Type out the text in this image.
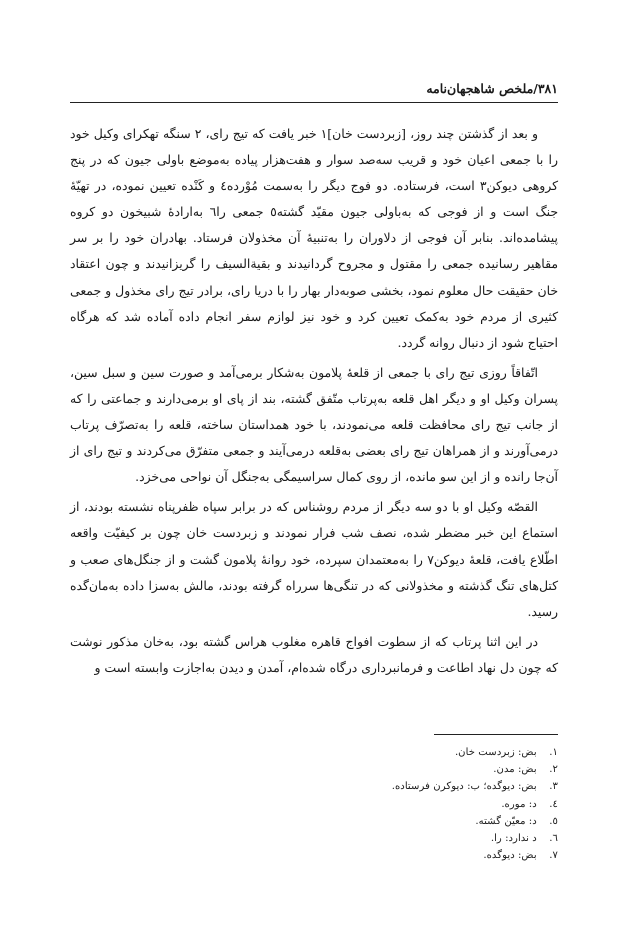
۳۸۱/ملخص شاهجهان‌نامه

و بعد از گذشتن چند روز، [زبردست خان]١ خبر یافت که تیج رای، ٢ سنگه تهکرای وکیل خود را با جمعی اعیان خود و قریب سه‌صد سوار و هفت‌هزار پیاده به‌موضع باولی جیون که در پنج کروهی دیوکن٣ است، فرستاده. دو فوج دیگر را به‌سمت مُوْرده٤ و کَنْده تعیین نموده، در تهیّهٔ جنگ است و از فوجی که به‌باولی جیون مقیّد گشته٥ جمعی را٦ به‌ارادهٔ شبیخون دو کروه پیشامده‌اند. بنابر آن فوجی از دلاوران را به‌تنبیهٔ آن مخذولان فرستاد. بهادران خود را بر سر مقاهیر رسانیده جمعی را مقتول و مجروح گردانیدند و بقیة‌السیف را گریزانیدند و چون اعتقاد خان حقیقت حال معلوم نمود، بخشی صوبه‌دار بهار را با دریا رای، برادر تیج رای مخذول و جمعی کثیری از مردم خود به‌کمک تعیین کرد و خود نیز لوازم سفر انجام داده آماده شد که هرگاه احتیاج شود از دنبال روانه گردد.

اتّفاقاً روزی تیج رای با جمعی از قلعهٔ پلامون به‌شکار برمی‌آمد و صورت سین و سبل سین، پسران وکیل او و دیگر اهل قلعه به‌پرتاب متّفق گشته، بند از پای او برمی‌دارند و جماعتی را که از جانب تیج رای محافظت قلعه می‌نمودند، با خود همداستان ساخته، قلعه را به‌تصرّف پرتاب درمی‌آورند و از همراهان تیج رای بعضی به‌قلعه درمی‌آیند و جمعی متفرّق می‌کردند و تیج رای از آن‌جا رانده و از این سو مانده، از روی کمال سراسیمگی به‌جنگل آن نواحی می‌خزد.

القصّه وکیل او با دو سه دیگر از مردم روشناس که در برابر سپاه ظفرپناه نشسته بودند، از استماع این خبر مضطر شده، نصف شب فرار نمودند و زبردست خان چون بر کیفیّت واقعه اطّلاع یافت، قلعهٔ دیوکن٧ را به‌معتمدان سپرده، خود روانهٔ پلامون گشت و از جنگل‌های صعب و کتل‌های تنگ گذشته و مخذولانی که در تنگی‌ها سرراه گرفته بودند، مالش به‌سزا داده به‌مان‌گده رسید.

در این اثنا پرتاب که از سطوت افواج قاهره مغلوب هراس گشته بود، به‌خان مذکور نوشت که چون دل نهاد اطاعت و فرمانبرداری درگاه شده‌ام، آمدن و دیدن به‌اجازت وابسته است و

١. بض: زبردست خان.
٢. بض: مدن.
٣. بض: دیوگده؛ ب: دیوکرن فرستاده.
٤. د: موره.
٥. د: معیّن گشته.
٦. د ندارد: را.
٧. بض: دیوگده.
